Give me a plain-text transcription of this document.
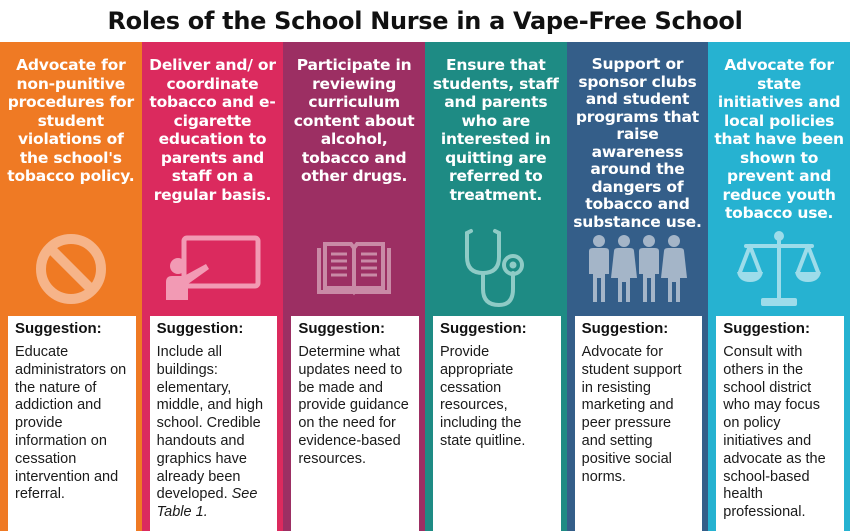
Roles of the School Nurse in a Vape-Free School
Advocate for non-punitive procedures for student violations of the school's tobacco policy.
Suggestion:
Educate administrators on the nature of addiction and provide information on cessation intervention and referral.
Deliver and/ or coordinate tobacco and e-cigarette education to parents and staff on a regular basis.
Suggestion:
Include all buildings: elementary, middle, and high school. Credible handouts and graphics have already been developed. See Table 1.
Participate in reviewing curriculum content about alcohol, tobacco and other drugs.
Suggestion:
Determine what updates need to be made and provide guidance on the need for evidence-based resources.
Ensure that students, staff and parents who are interested in quitting are referred to treatment.
Suggestion:
Provide appropriate cessation resources, including the state quitline.
Support or sponsor clubs and student programs that raise awareness around the dangers of tobacco and substance use.
Suggestion:
Advocate for student support in resisting marketing and peer pressure and setting positive social norms.
Advocate for state initiatives and local policies that have been shown to prevent and reduce youth tobacco use.
Suggestion:
Consult with others in the school district who may focus on policy initiatives and advocate as the school-based health professional.
